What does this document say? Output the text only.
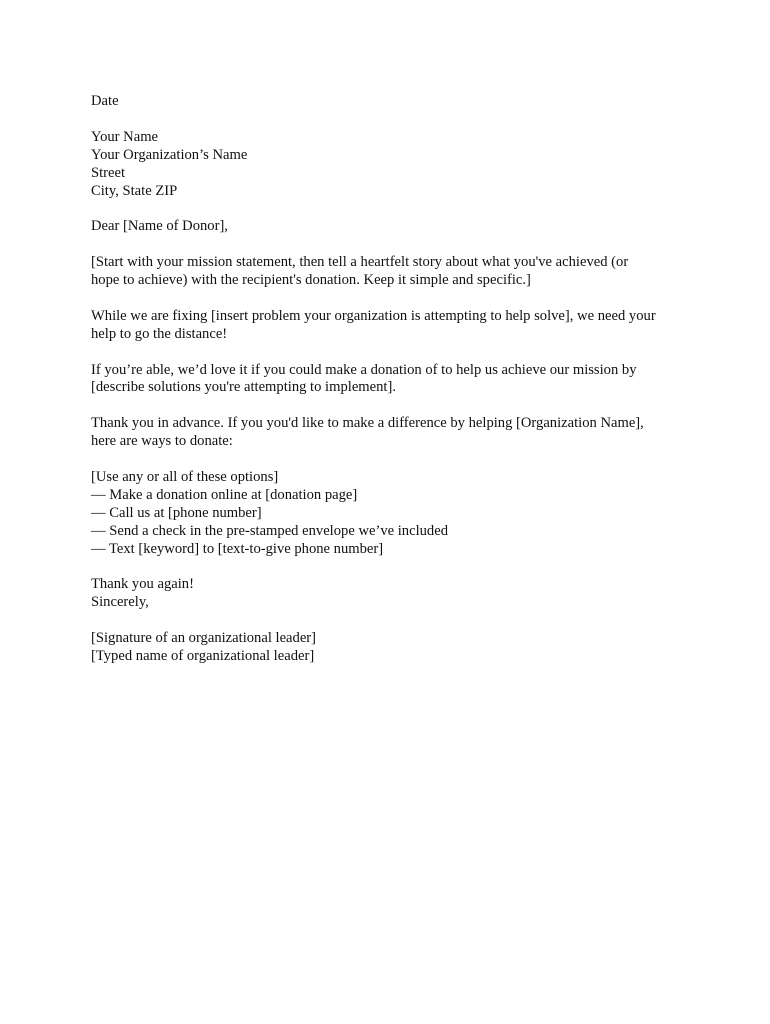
Date
Your Name
Your Organization’s Name
Street
City, State ZIP
Dear [Name of Donor],
[Start with your mission statement, then tell a heartfelt story about what you've achieved (or
hope to achieve) with the recipient's donation. Keep it simple and specific.]
While we are fixing [insert problem your organization is attempting to help solve], we need your
help to go the distance!
If you’re able, we’d love it if you could make a donation of to help us achieve our mission by
[describe solutions you're attempting to implement].
Thank you in advance. If you you'd like to make a difference by helping [Organization Name],
here are ways to donate:
[Use any or all of these options]
— Make a donation online at [donation page]
— Call us at [phone number]
— Send a check in the pre-stamped envelope we’ve included
— Text [keyword] to [text-to-give phone number]
Thank you again!
Sincerely,
[Signature of an organizational leader]
[Typed name of organizational leader]
